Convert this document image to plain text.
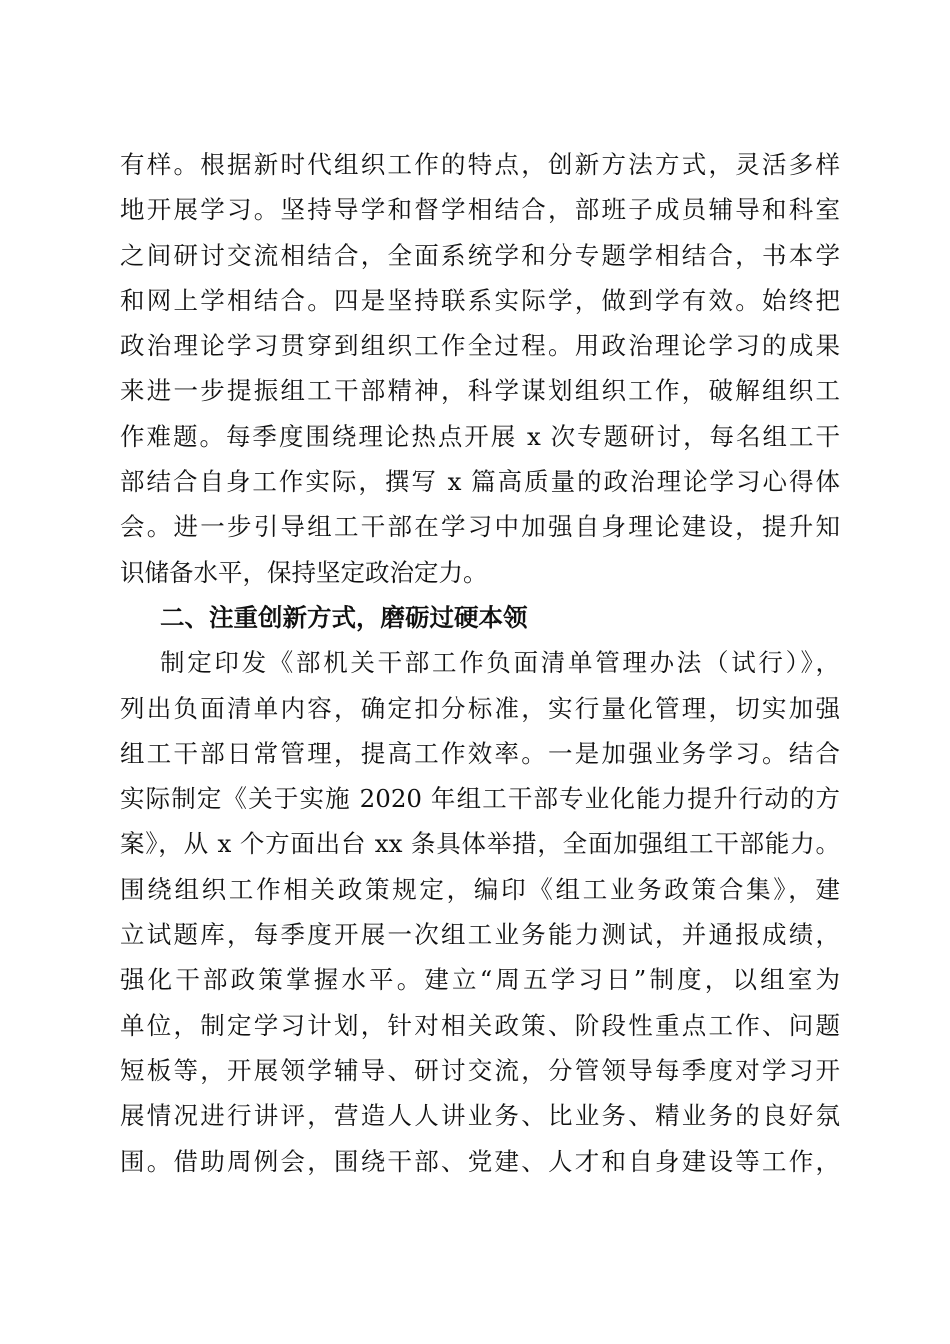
有样。根据新时代组织工作的特点，创新方法方式，灵活多样
地开展学习。坚持导学和督学相结合，部班子成员辅导和科室
之间研讨交流相结合，全面系统学和分专题学相结合，书本学
和网上学相结合。四是坚持联系实际学，做到学有效。始终把
政治理论学习贯穿到组织工作全过程。用政治理论学习的成果
来进一步提振组工干部精神，科学谋划组织工作，破解组织工
作难题。每季度围绕理论热点开展 x 次专题研讨，每名组工干
部结合自身工作实际，撰写 x 篇高质量的政治理论学习心得体
会。进一步引导组工干部在学习中加强自身理论建设，提升知
识储备水平，保持坚定政治定力。
二、注重创新方式，磨砺过硬本领
制定印发《部机关干部工作负面清单管理办法（试行）》，
列出负面清单内容，确定扣分标准，实行量化管理，切实加强
组工干部日常管理，提高工作效率。一是加强业务学习。结合
实际制定《关于实施 2020 年组工干部专业化能力提升行动的方
案》，从 x 个方面出台 xx 条具体举措，全面加强组工干部能力。
围绕组织工作相关政策规定，编印《组工业务政策合集》，建
立试题库，每季度开展一次组工业务能力测试，并通报成绩，
强化干部政策掌握水平。建立“周五学习日”制度，以组室为
单位，制定学习计划，针对相关政策、阶段性重点工作、问题
短板等，开展领学辅导、研讨交流，分管领导每季度对学习开
展情况进行讲评，营造人人讲业务、比业务、精业务的良好氛
围。借助周例会，围绕干部、党建、人才和自身建设等工作，
